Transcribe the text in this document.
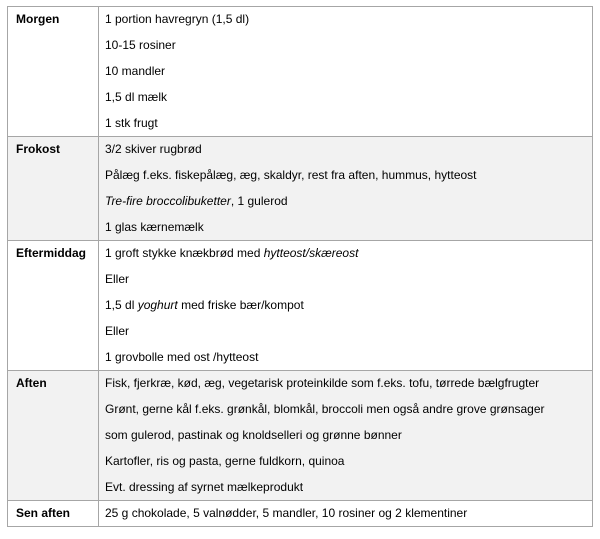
Morgen	1 portion havregryn (1,5 dl)
10-15 rosiner
10 mandler
1,5 dl mælk
1 stk frugt

Frokost	3/2 skiver rugbrød
Pålæg f.eks. fiskepålæg, æg, skaldyr, rest fra aften, hummus, hytteost
Tre-fire broccolibuketter, 1 gulerod
1 glas kærnemælk

Eftermiddag	1 groft stykke knækbrød med hytteost/skæreost
Eller
1,5 dl yoghurt med friske bær/kompot
Eller
1 grovbolle med ost /hytteost

Aften	Fisk, fjerkræ, kød, æg, vegetarisk proteinkilde som f.eks. tofu, tørrede bælgfrugter
Grønt, gerne kål f.eks. grønkål, blomkål, broccoli men også andre grove grønsager
som gulerod, pastinak og knoldselleri og grønne bønner
Kartofler, ris og pasta, gerne fuldkorn, quinoa
Evt. dressing af syrnet mælkeprodukt

Sen aften	25 g chokolade, 5 valnødder, 5 mandler, 10 rosiner og 2 klementiner
